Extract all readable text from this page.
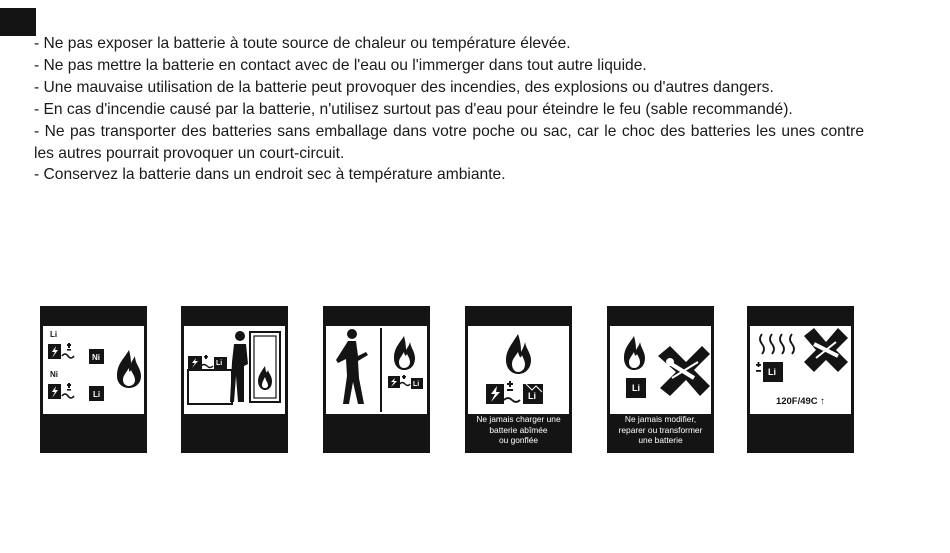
- Ne pas exposer la batterie à toute source de chaleur ou température élevée.

- Ne pas mettre la batterie en contact avec de l'eau ou l'immerger dans tout autre liquide.

- Une mauvaise utilisation de la batterie peut provoquer des incendies, des explosions ou d'autres dangers.

- En cas d'incendie causé par la batterie, n'utilisez surtout pas d'eau pour éteindre le feu (sable recommandé).

- Ne pas transporter des batteries sans emballage dans votre poche ou sac, car le choc des batteries les unes contre les autres pourrait provoquer un court-circuit.

- Conservez la batterie dans un endroit sec à température ambiante.

Li
Ni
Ni
Li
Li
Li
Li
Ne jamais charger une
batterie abîmée
ou gonflée
Li
Ne jamais modifier,
reparer ou transformer
une batterie
Li
120F/49C ↑
